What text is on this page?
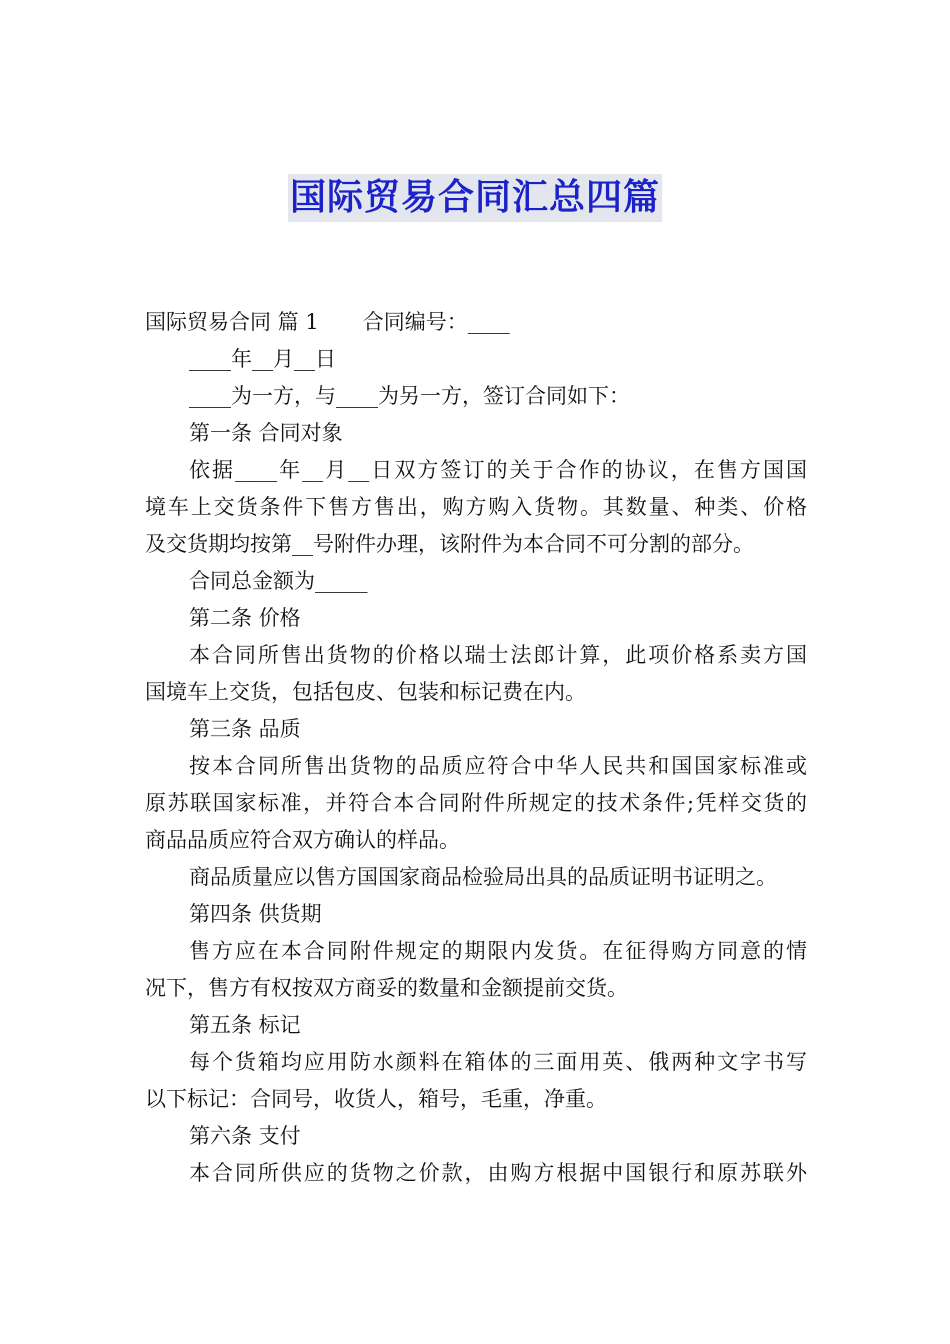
国际贸易合同汇总四篇
国际贸易合同 篇 1 合同编号：____
____年__月__日
____为一方，与____为另一方，签订合同如下：
第一条 合同对象
依据____年__月__日双方签订的关于合作的协议，在售方国国
境车上交货条件下售方售出，购方购入货物。其数量、种类、价格
及交货期均按第__号附件办理，该附件为本合同不可分割的部分。
合同总金额为_____
第二条 价格
本合同所售出货物的价格以瑞士法郎计算，此项价格系卖方国
国境车上交货，包括包皮、包装和标记费在内。
第三条 品质
按本合同所售出货物的品质应符合中华人民共和国国家标准或
原苏联国家标准，并符合本合同附件所规定的技术条件;凭样交货的
商品品质应符合双方确认的样品。
商品质量应以售方国国家商品检验局出具的品质证明书证明之。
第四条 供货期
售方应在本合同附件规定的期限内发货。在征得购方同意的情
况下，售方有权按双方商妥的数量和金额提前交货。
第五条 标记
每个货箱均应用防水颜料在箱体的三面用英、俄两种文字书写
以下标记：合同号，收货人，箱号，毛重，净重。
第六条 支付
本合同所供应的货物之价款，由购方根据中国银行和原苏联外
